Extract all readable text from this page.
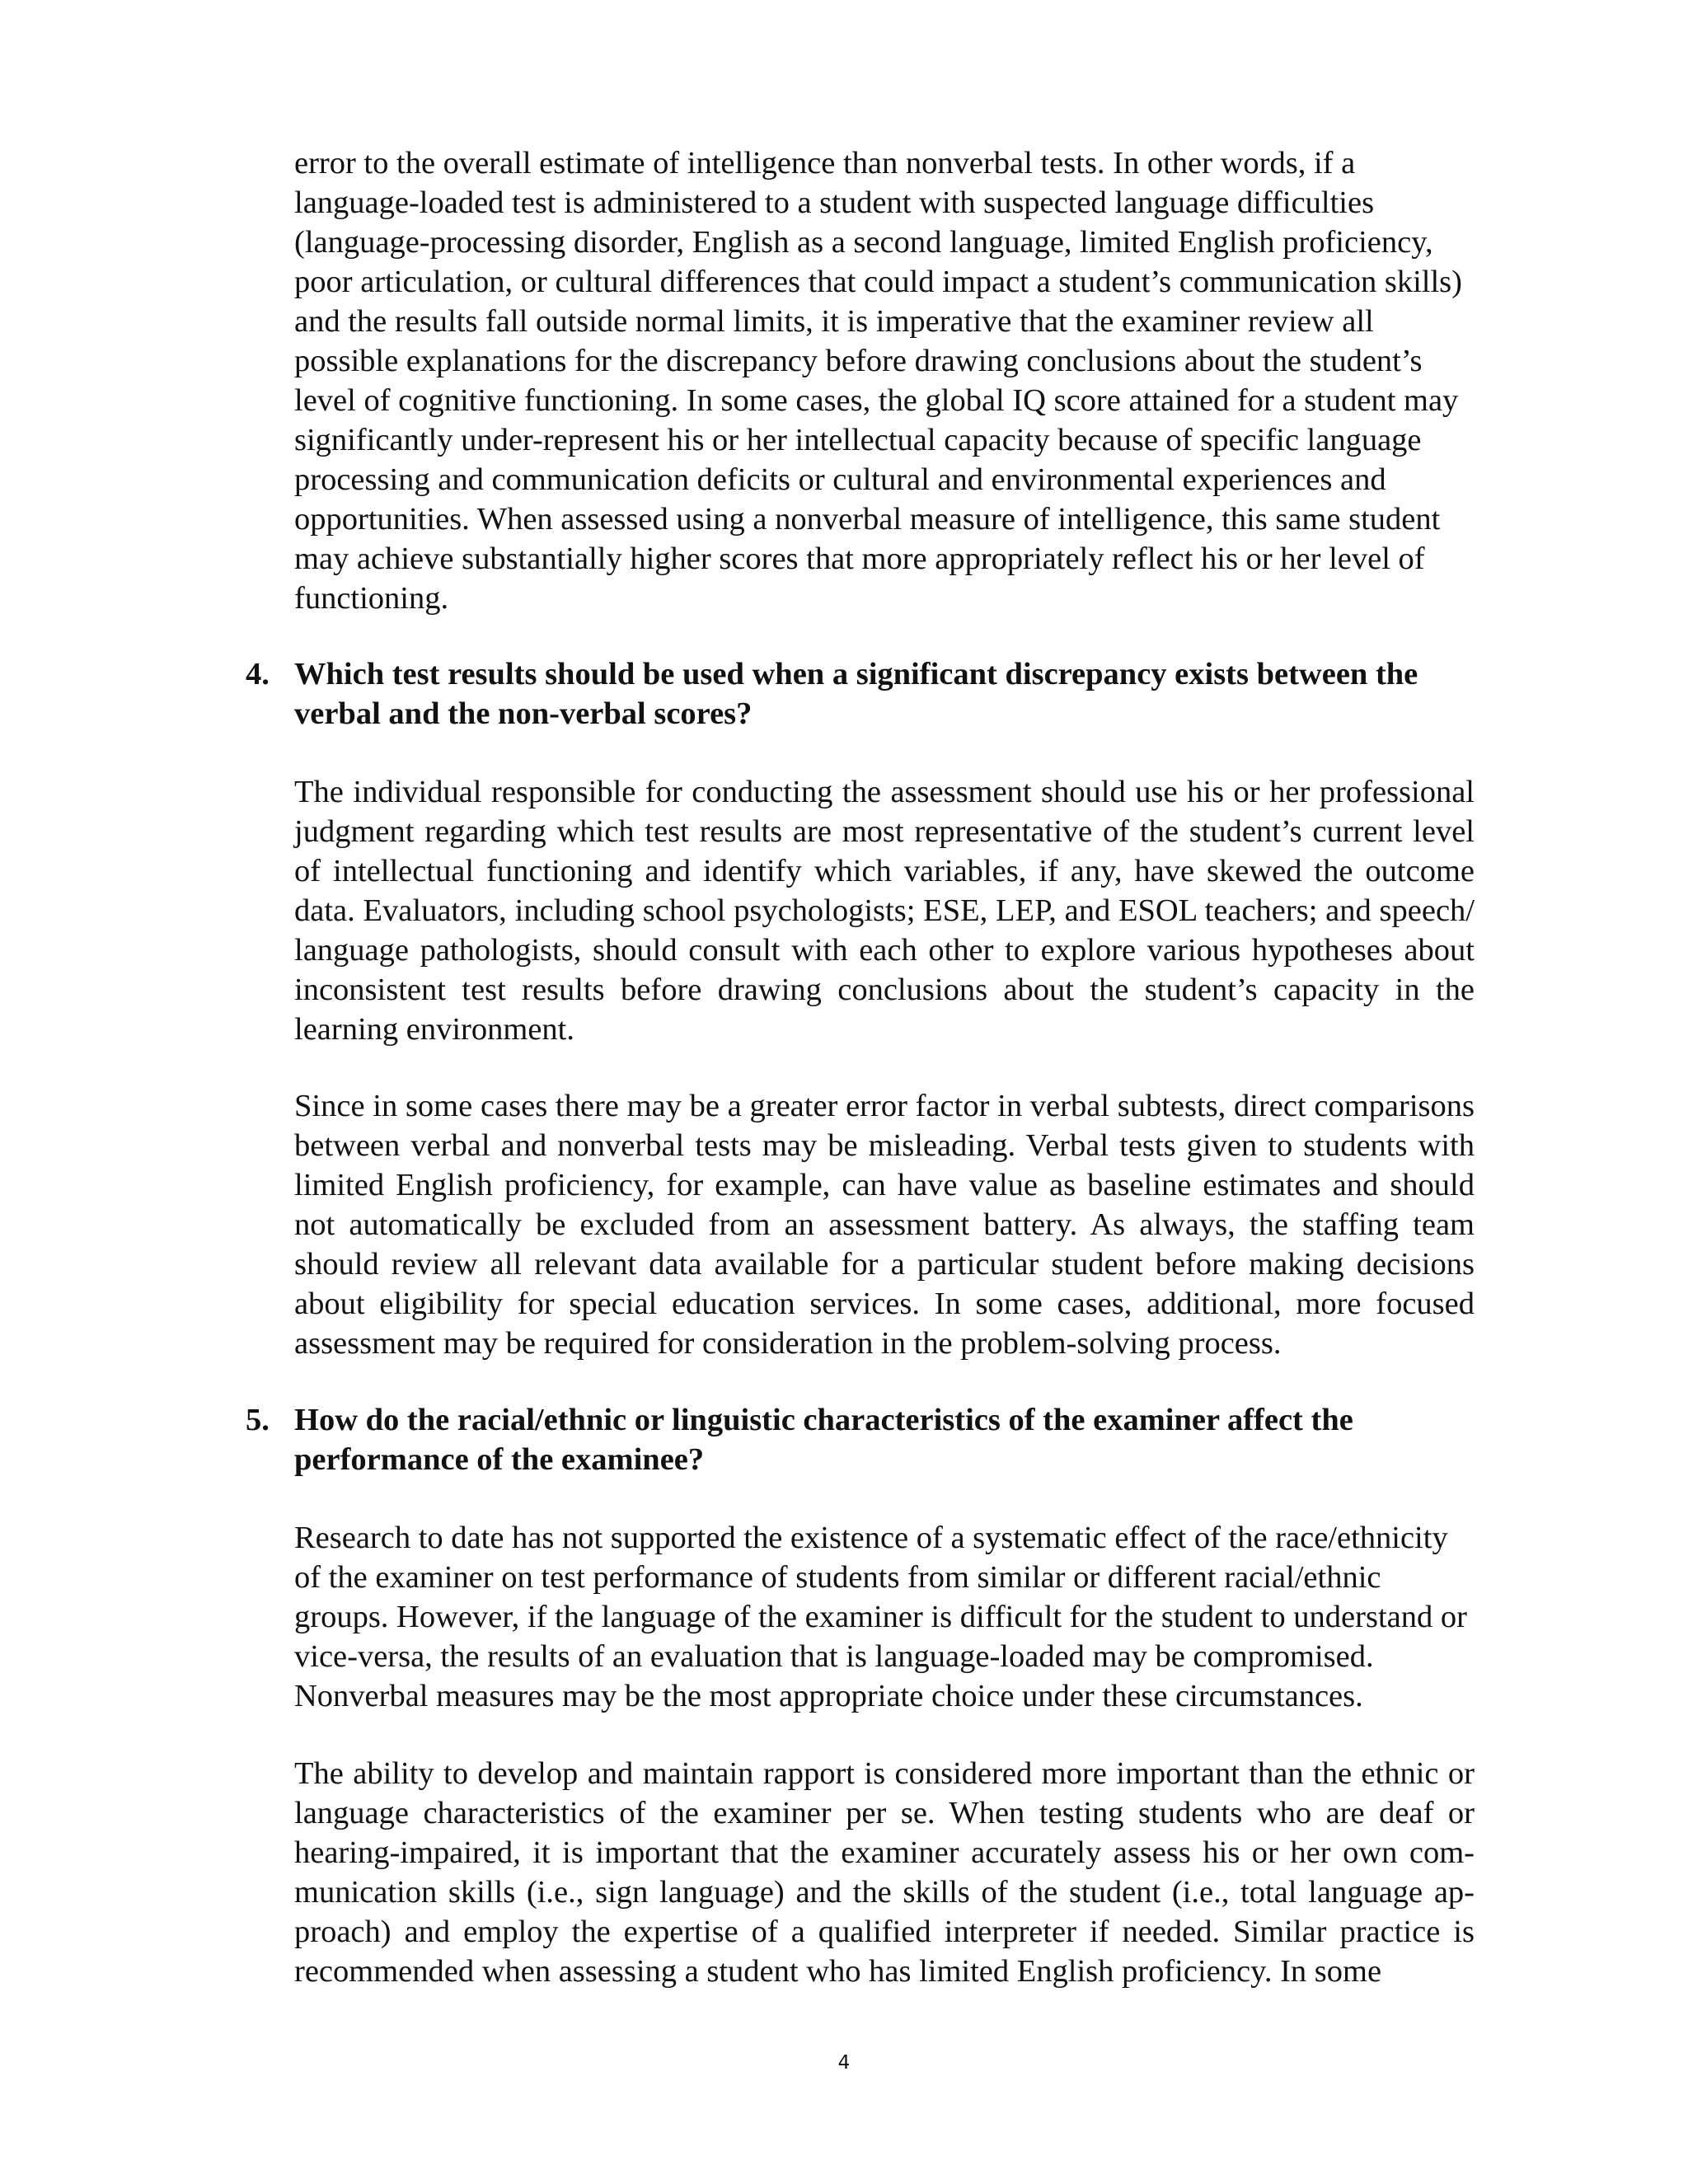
error to the overall estimate of intelligence than nonverbal tests. In other words, if a language-loaded test is administered to a student with suspected language difficulties (language-processing disorder, English as a second language, limited English proficiency, poor articulation, or cultural differences that could impact a student’s communication skills) and the results fall outside normal limits, it is imperative that the examiner review all possible explanations for the discrepancy before drawing conclusions about the student’s level of cognitive functioning. In some cases, the global IQ score attained for a student may significantly under-represent his or her intellectual capacity because of specific language processing and communication deficits or cultural and environmental experiences and opportunities. When assessed using a nonverbal measure of intelligence, this same student may achieve substantially higher scores that more appropriately reflect his or her level of functioning.

4. Which test results should be used when a significant discrepancy exists between the verbal and the non-verbal scores?

The individual responsible for conducting the assessment should use his or her professional judgment regarding which test results are most representative of the student’s current level of intellectual functioning and identify which variables, if any, have skewed the outcome data. Evaluators, including school psychologists; ESE, LEP, and ESOL teachers; and speech/ language pathologists, should consult with each other to explore various hypotheses about inconsistent test results before drawing conclusions about the student’s capacity in the learning environment.

Since in some cases there may be a greater error factor in verbal subtests, direct comparisons between verbal and nonverbal tests may be misleading. Verbal tests given to students with limited English proficiency, for example, can have value as baseline estimates and should not automatically be excluded from an assessment battery. As always, the staffing team should review all relevant data available for a particular student before making decisions about eligibility for special education services. In some cases, additional, more focused assessment may be required for consideration in the problem-solving process.

5. How do the racial/ethnic or linguistic characteristics of the examiner affect the performance of the examinee?

Research to date has not supported the existence of a systematic effect of the race/ethnicity of the examiner on test performance of students from similar or different racial/ethnic groups. However, if the language of the examiner is difficult for the student to understand or vice-versa, the results of an evaluation that is language-loaded may be compromised. Nonverbal measures may be the most appropriate choice under these circumstances.

The ability to develop and maintain rapport is considered more important than the ethnic or language characteristics of the examiner per se. When testing students who are deaf or hearing-impaired, it is important that the examiner accurately assess his or her own communication skills (i.e., sign language) and the skills of the student (i.e., total language approach) and employ the expertise of a qualified interpreter if needed. Similar practice is recommended when assessing a student who has limited English proficiency. In some

4
